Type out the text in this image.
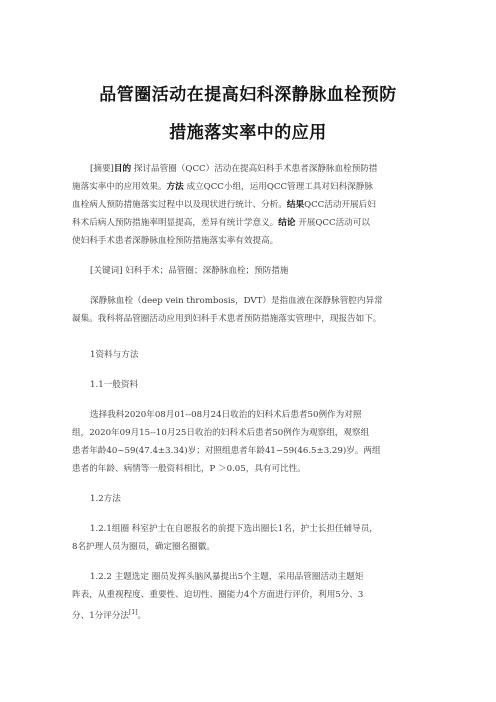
品管圈活动在提高妇科深静脉血栓预防
措施落实率中的应用
[摘要]目的 探讨品管圈（QCC）活动在提高妇科手术患者深静脉血栓预防措
施落实率中的应用效果。方法 成立QCC小组，运用QCC管理工具对妇科深静脉
血栓病人预防措施落实过程中以及现状进行统计、分析。结果QCC活动开展后妇
科术后病人预防措施率明显提高，差异有统计学意义。结论 开展QCC活动可以
使妇科手术患者深静脉血栓预防措施落实率有效提高。
[关键词] 妇科手术；品管圈；深静脉血栓；预防措施
深静脉血栓（deep vein thrombosis，DVT）是指血液在深静脉管腔内异常
凝集。我科将品管圈活动应用到妇科手术患者预防措施落实管理中，现报告如下。
1资料与方法
1.1一般资料
选择我科2020年08月01--08月24日收治的妇科术后患者50例作为对照
组，2020年09月15--10月25日收治的妇科术后患者50例作为观察组，观察组
患者年龄40~59(47.4±3.34)岁；对照组患者年龄41~59(46.5±3.29)岁。两组
患者的年龄、病情等一般资料相比，P ＞0.05，具有可比性。
1.2方法
1.2.1组圈 科室护士在自愿报名的前提下选出圈长1名，护士长担任辅导员，
8名护理人员为圈员，确定圈名圈徽。
1.2.2 主题选定 圈员发挥头脑风暴提出5个主题，采用品管圈活动主题矩
阵表，从重视程度、重要性、迫切性、圈能力4个方面进行评价，利用5分、3
分、1分评分法[1]。
